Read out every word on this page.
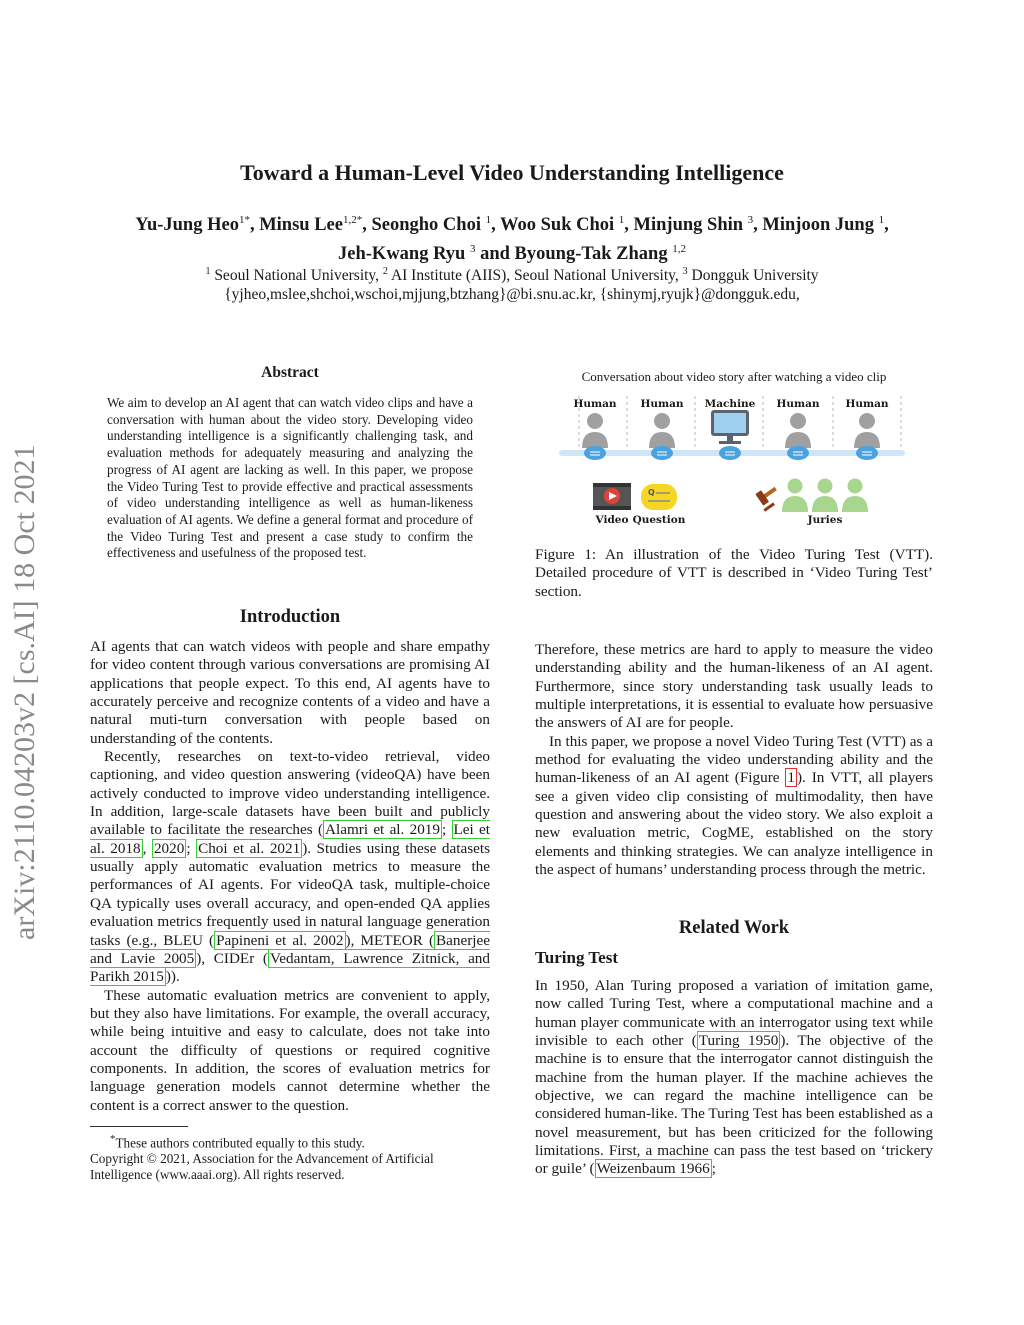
arXiv:2110.04203v2 [cs.AI] 18 Oct 2021
Toward a Human-Level Video Understanding Intelligence
Yu-Jung Heo$^{1*}$, Minsu Lee$^{1,2*}$, Seongho Choi $^1$, Woo Suk Choi $^1$, Minjung Shin $^3$, Minjoon Jung $^1$,
Jeh-Kwang Ryu $^3$ and Byoung-Tak Zhang $^{1,2}$
$^1$ Seoul National University, $^2$ AI Institute (AIIS), Seoul National University, $^3$ Dongguk University
{yjheo,mslee,shchoi,wschoi,mjjung,btzhang}@bi.snu.ac.kr, {shinymj,ryujk}@dongguk.edu,
Abstract
We aim to develop an AI agent that can watch video clips and have a conversation with human about the video story. Developing video understanding intelligence is a significantly challenging task, and evaluation methods for adequately measuring and analyzing the progress of AI agent are lacking as well. In this paper, we propose the Video Turing Test to provide effective and practical assessments of video understanding intelligence as well as human-likeness evaluation of AI agents. We define a general format and procedure of the Video Turing Test and present a case study to confirm the effectiveness and usefulness of the proposed test.
Introduction

AI agents that can watch videos with people and share empathy for video content through various conversations are promising AI applications that people expect. To this end, AI agents have to accurately perceive and recognize contents of a video and have a natural muti-turn conversation with people based on understanding of the contents.

Recently, researches on text-to-video retrieval, video captioning, and video question answering (videoQA) have been actively conducted to improve video understanding intelligence. In addition, large-scale datasets have been built and publicly available to facilitate the researches ( Alamri et al. 2019 ; Lei et al. 2018 , 2020 ; Choi et al. 2021 ). Studies using these datasets usually apply automatic evaluation metrics to measure the performances of AI agents. For videoQA task, multiple-choice QA typically uses overall accuracy, and open-ended QA applies evaluation metrics frequently used in natural language generation tasks (e.g., BLEU ( Papineni et al. 2002 ), METEOR ( Banerjee and Lavie 2005 ), CIDEr ( Vedantam, Lawrence Zitnick, and Parikh 2015 )).

These automatic evaluation metrics are convenient to apply, but they also have limitations. For example, the overall accuracy, while being intuitive and easy to calculate, does not take into account the difficulty of questions or required cognitive components. In addition, the scores of evaluation metrics for language generation models cannot determine whether the content is a correct answer to the question.

*These authors contributed equally to this study.
Copyright © 2021, Association for the Advancement of Artificial Intelligence (www.aaai.org). All rights reserved.
Conversation about video story after watching a video clip
Q
Human	Human	Machine	Human	Human
Video Question	Juries
Figure 1: An illustration of the Video Turing Test (VTT). Detailed procedure of VTT is described in ‘Video Turing Test’ section.

Therefore, these metrics are hard to apply to measure the video understanding ability and the human-likeness of an AI agent. Furthermore, since story understanding task usually leads to multiple interpretations, it is essential to evaluate how persuasive the answers of AI are for people.

In this paper, we propose a novel Video Turing Test (VTT) as a method for evaluating the video understanding ability and the human-likeness of an AI agent (Figure 1 ). In VTT, all players see a given video clip consisting of multimodality, then have question and answering about the video story. We also exploit a new evaluation metric, CogME, established on the story elements and thinking strategies. We can analyze intelligence in the aspect of humans’ understanding process through the metric.

Related Work
Turing Test

In 1950, Alan Turing proposed a variation of imitation game, now called Turing Test, where a computational machine and a human player communicate with an interrogator using text while invisible to each other ( Turing 1950 ). The objective of the machine is to ensure that the interrogator cannot distinguish the machine from the human player. If the machine achieves the objective, we can regard the machine intelligence can be considered human-like. The Turing Test has been established as a novel measurement, but has been criticized for the following limitations. First, a machine can pass the test based on ‘trickery or guile’ ( Weizenbaum 1966 ;
